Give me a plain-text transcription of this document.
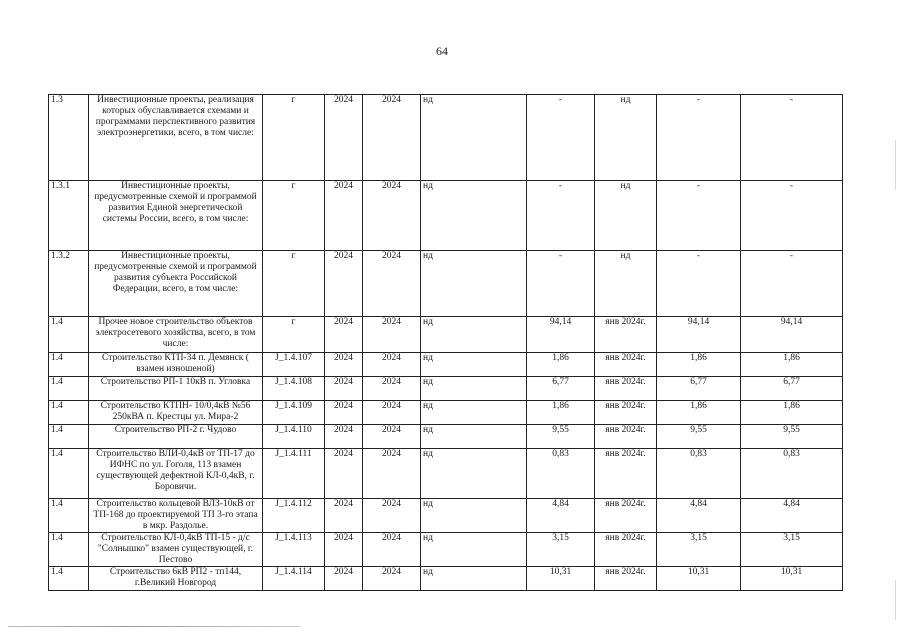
64
1.3	Инвестиционные проекты, реализация которых обуславливается схемами и программами перспективного развития электроэнергетики, всего, в том числе:	г	2024	2024	нд	-	нд	-	-
1.3.1	Инвестиционные проекты, предусмотренные схемой и программой развития Единой энергетической системы России, всего, в том числе:	г	2024	2024	нд	-	нд	-	-
1.3.2	Инвестиционные проекты, предусмотренные схемой и программой развития субъекта Российской Федерации, всего, в том числе:	г	2024	2024	нд	-	нд	-	-
1.4	Прочее новое строительство объектов электросетевого хозяйства, всего, в том числе:	г	2024	2024	нд	94,14	янв 2024г.	94,14	94,14
1.4	Строительство КТП-34 п. Демянск ( взамен изношеной)	J_1.4.107	2024	2024	нд	1,86	янв 2024г.	1,86	1,86
1.4	Строительство РП-1 10кВ п. Угловка	J_1.4.108	2024	2024	нд	6,77	янв 2024г.	6,77	6,77
1.4	Строительство КТПН- 10/0,4кВ №56 250кВА п. Крестцы ул. Мира-2	J_1.4.109	2024	2024	нд	1,86	янв 2024г.	1,86	1,86
1.4	Строительство РП-2 г. Чудово	J_1.4.110	2024	2024	нд	9,55	янв 2024г.	9,55	9,55
1.4	Строительство ВЛИ-0,4кВ от ТП-17 до ИФНС по ул. Гоголя, 113 взамен существующей дефектной КЛ-0,4кВ, г. Боровичи.	J_1.4.111	2024	2024	нд	0,83	янв 2024г.	0,83	0,83
1.4	Строительство кольцевой ВЛЗ-10кВ от ТП-168 до проектируемой ТП 3-го этапа в мкр. Раздолье.	J_1.4.112	2024	2024	нд	4,84	янв 2024г.	4,84	4,84
1.4	Строительство КЛ-0,4кВ ТП-15 - д/с "Солнышко" взамен существующей, г. Пестово	J_1.4.113	2024	2024	нд	3,15	янв 2024г.	3,15	3,15
1.4	Строительство 6кВ РП2 - тп144, г.Великий Новгород	J_1.4.114	2024	2024	нд	10,31	янв 2024г.	10,31	10,31
